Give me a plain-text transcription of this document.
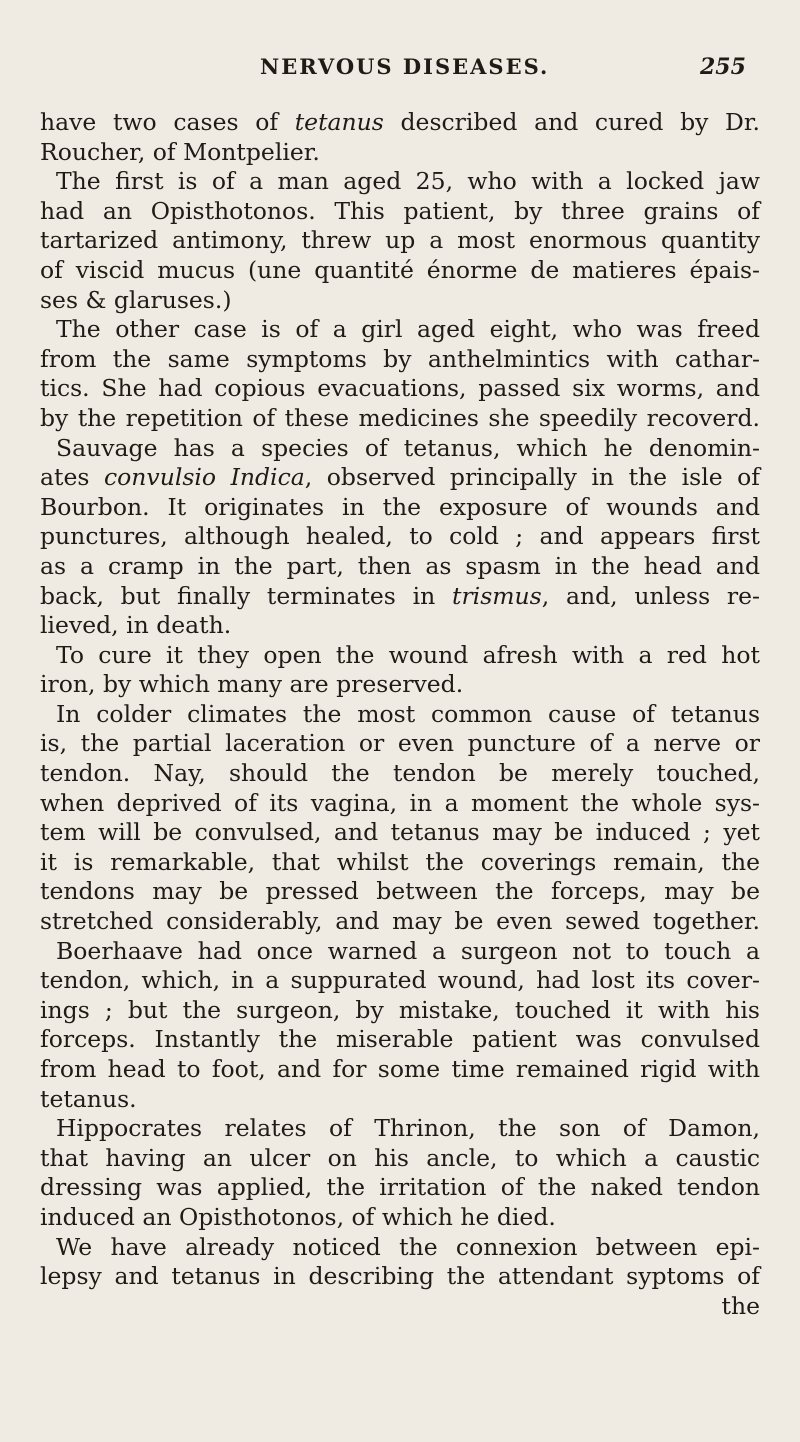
NERVOUS DISEASES.	255
have two cases of tetanus described and cured by Dr.
Roucher, of Montpelier.
The first is of a man aged 25, who with a locked jaw
had an Opisthotonos. This patient, by three grains of
tartarized antimony, threw up a most enormous quantity
of viscid mucus (une quantité énorme de matieres épais-
ses & glaruses.)
The other case is of a girl aged eight, who was freed
from the same symptoms by anthelmintics with cathar-
tics. She had copious evacuations, passed six worms, and
by the repetition of these medicines she speedily recoverd.
Sauvage has a species of tetanus, which he denomin-
ates convulsio Indica, observed principally in the isle of
Bourbon. It originates in the exposure of wounds and
punctures, although healed, to cold ; and appears first
as a cramp in the part, then as spasm in the head and
back, but finally terminates in trismus, and, unless re-
lieved, in death.
To cure it they open the wound afresh with a red hot
iron, by which many are preserved.
In colder climates the most common cause of tetanus
is, the partial laceration or even puncture of a nerve or
tendon. Nay, should the tendon be merely touched,
when deprived of its vagina, in a moment the whole sys-
tem will be convulsed, and tetanus may be induced ; yet
it is remarkable, that whilst the coverings remain, the
tendons may be pressed between the forceps, may be
stretched considerably, and may be even sewed together.
Boerhaave had once warned a surgeon not to touch a
tendon, which, in a suppurated wound, had lost its cover-
ings ; but the surgeon, by mistake, touched it with his
forceps. Instantly the miserable patient was convulsed
from head to foot, and for some time remained rigid with
tetanus.
Hippocrates relates of Thrinon, the son of Damon,
that having an ulcer on his ancle, to which a caustic
dressing was applied, the irritation of the naked tendon
induced an Opisthotonos, of which he died.
We have already noticed the connexion between epi-
lepsy and tetanus in describing the attendant syptoms of
the
